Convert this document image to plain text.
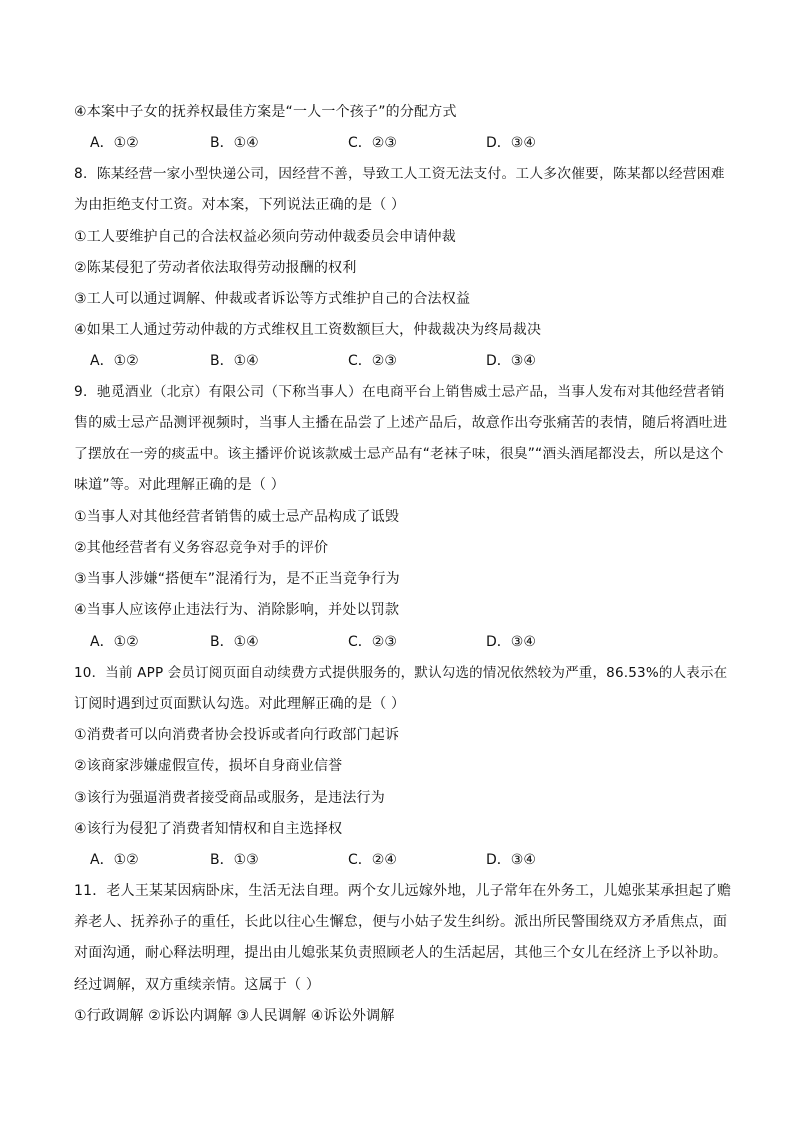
④本案中子女的抚养权最佳方案是“一人一个孩子”的分配方式
A．①②	B．①④	C．②③	D．③④
8．陈某经营一家小型快递公司，因经营不善，导致工人工资无法支付。工人多次催要，陈某都以经营困难
为由拒绝支付工资。对本案，下列说法正确的是（ ）
①工人要维护自己的合法权益必须向劳动仲裁委员会申请仲裁
②陈某侵犯了劳动者依法取得劳动报酬的权利
③工人可以通过调解、仲裁或者诉讼等方式维护自己的合法权益
④如果工人通过劳动仲裁的方式维权且工资数额巨大，仲裁裁决为终局裁决
A．①②	B．①④	C．②③	D．③④
9．驰觅酒业（北京）有限公司（下称当事人）在电商平台上销售威士忌产品，当事人发布对其他经营者销
售的威士忌产品测评视频时，当事人主播在品尝了上述产品后，故意作出夸张痛苦的表情，随后将酒吐进
了摆放在一旁的痰盂中。该主播评价说该款威士忌产品有“老袜子味，很臭”“酒头酒尾都没去，所以是这个
味道”等。对此理解正确的是（ ）
①当事人对其他经营者销售的威士忌产品构成了诋毁
②其他经营者有义务容忍竞争对手的评价
③当事人涉嫌“搭便车”混淆行为，是不正当竞争行为
④当事人应该停止违法行为、消除影响，并处以罚款
A．①②	B．①④	C．②③	D．③④
10．当前 APP 会员订阅页面自动续费方式提供服务的，默认勾选的情况依然较为严重，86.53%的人表示在
订阅时遇到过页面默认勾选。对此理解正确的是（ ）
①消费者可以向消费者协会投诉或者向行政部门起诉
②该商家涉嫌虚假宣传，损坏自身商业信誉
③该行为强逼消费者接受商品或服务，是违法行为
④该行为侵犯了消费者知情权和自主选择权
A．①②	B．①③	C．②④	D．③④
11．老人王某某因病卧床，生活无法自理。两个女儿远嫁外地，儿子常年在外务工，儿媳张某承担起了赡
养老人、抚养孙子的重任，长此以往心生懈怠，便与小姑子发生纠纷。派出所民警围绕双方矛盾焦点，面
对面沟通，耐心释法明理，提出由儿媳张某负责照顾老人的生活起居，其他三个女儿在经济上予以补助。
经过调解，双方重续亲情。这属于（ ）
①行政调解 ②诉讼内调解 ③人民调解 ④诉讼外调解
